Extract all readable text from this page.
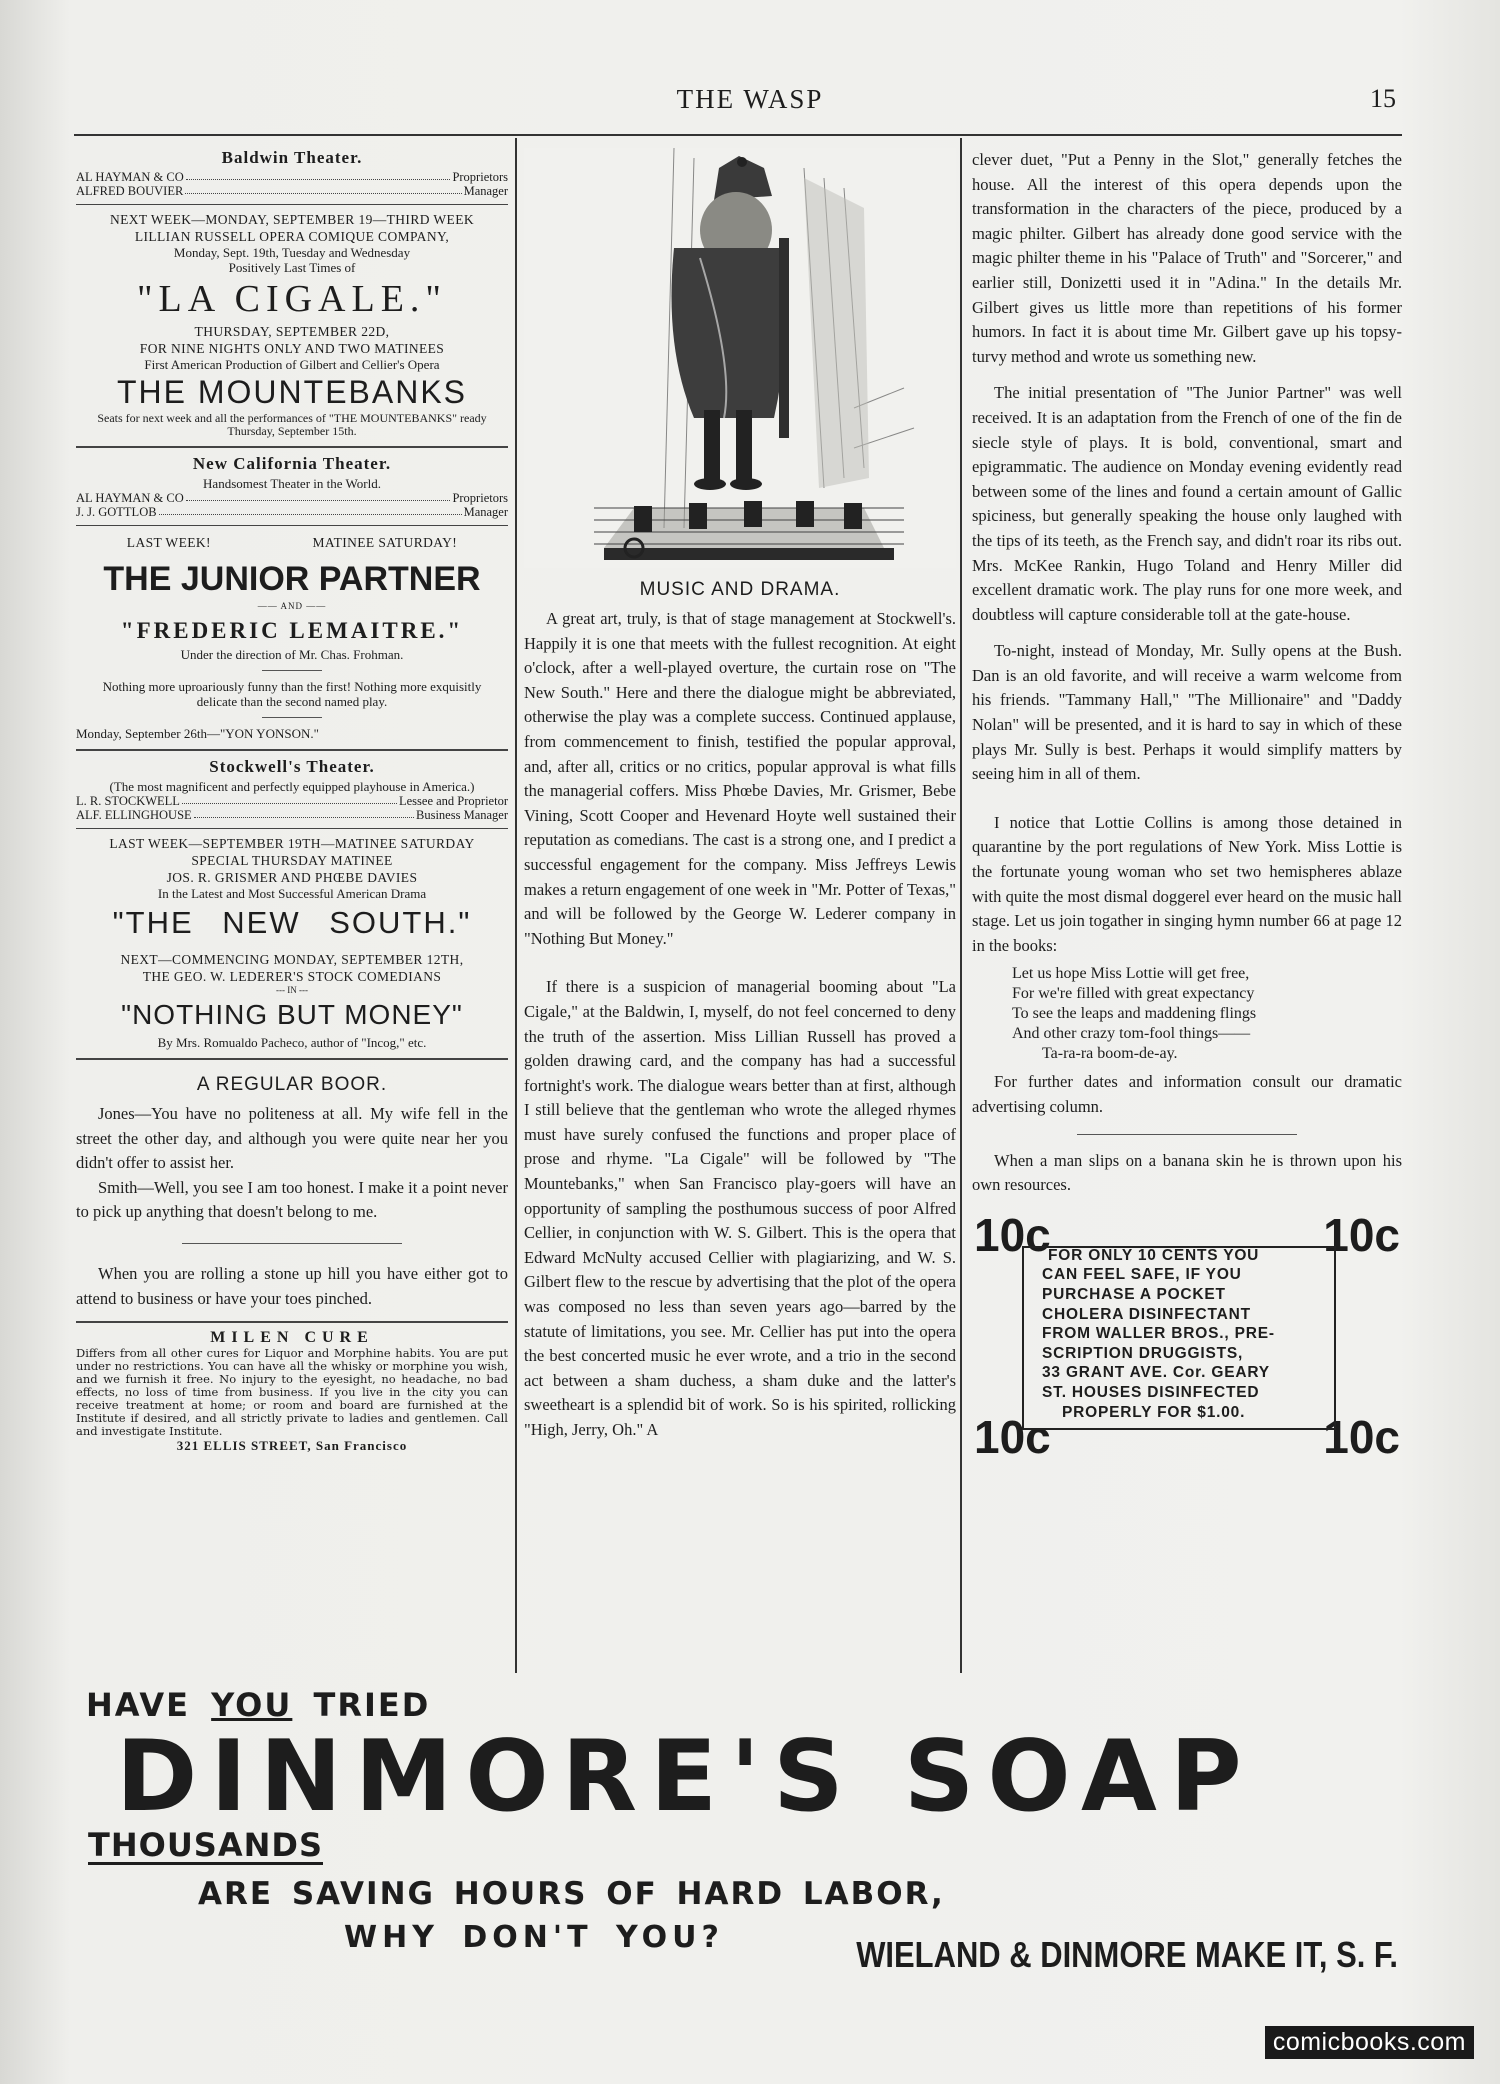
THE WASP	15
Baldwin Theater.
AL HAYMAN & CO	Proprietors
ALFRED BOUVIER	Manager
NEXT WEEK—MONDAY, SEPTEMBER 19—THIRD WEEK
LILLIAN RUSSELL OPERA COMIQUE COMPANY,
Monday, Sept. 19th, Tuesday and Wednesday
Positively Last Times of
"LA CIGALE."
THURSDAY, SEPTEMBER 22D,
FOR NINE NIGHTS ONLY AND TWO MATINEES
First American Production of Gilbert and Cellier's Opera
THE MOUNTEBANKS
Seats for next week and all the performances of "THE MOUNTEBANKS" ready Thursday, September 15th.
New California Theater.
Handsomest Theater in the World.
AL HAYMAN & CO	Proprietors
J. J. GOTTLOB	Manager
LAST WEEK!	MATINEE SATURDAY!
THE JUNIOR PARTNER
—— AND ——
"FREDERIC LEMAITRE."
Under the direction of Mr. Chas. Frohman.
Nothing more uproariously funny than the first! Nothing more exquisitly delicate than the second named play.
Monday, September 26th—"YON YONSON."
Stockwell's Theater.
(The most magnificent and perfectly equipped playhouse in America.)
L. R. STOCKWELL	Lessee and Proprietor
ALF. ELLINGHOUSE	Business Manager
LAST WEEK—SEPTEMBER 19TH—MATINEE SATURDAY
SPECIAL THURSDAY MATINEE
JOS. R. GRISMER AND PHŒBE DAVIES
In the Latest and Most Successful American Drama
"THE NEW SOUTH."
NEXT—COMMENCING MONDAY, SEPTEMBER 12TH,
THE GEO. W. LEDERER'S STOCK COMEDIANS
--- IN ---
"NOTHING BUT MONEY"
By Mrs. Romualdo Pacheco, author of "Incog," etc.
A REGULAR BOOR.

Jones—You have no politeness at all. My wife fell in the street the other day, and although you were quite near her you didn't offer to assist her.

Smith—Well, you see I am too honest. I make it a point never to pick up anything that doesn't belong to me.

When you are rolling a stone up hill you have either got to attend to business or have your toes pinched.

MILEN CURE
Differs from all other cures for Liquor and Morphine habits. You are put under no restrictions. You can have all the whisky or morphine you wish, and we furnish it free. No injury to the eyesight, no headache, no bad effects, no loss of time from business. If you live in the city you can receive treatment at home; or room and board are furnished at the Institute if desired, and all strictly private to ladies and gentlemen. Call and investigate Institute.
321 ELLIS STREET, San Francisco
MUSIC AND DRAMA.

A great art, truly, is that of stage management at Stockwell's. Happily it is one that meets with the fullest recognition. At eight o'clock, after a well-played overture, the curtain rose on "The New South." Here and there the dialogue might be abbreviated, otherwise the play was a complete success. Continued applause, from commencement to finish, testified the popular approval, and, after all, critics or no critics, popular approval is what fills the managerial coffers. Miss Phœbe Davies, Mr. Grismer, Bebe Vining, Scott Cooper and Hevenard Hoyte well sustained their reputation as comedians. The cast is a strong one, and I predict a successful engagement for the company. Miss Jeffreys Lewis makes a return engagement of one week in "Mr. Potter of Texas," and will be followed by the George W. Lederer company in "Nothing But Money."

If there is a suspicion of managerial booming about "La Cigale," at the Baldwin, I, myself, do not feel concerned to deny the truth of the assertion. Miss Lillian Russell has proved a golden drawing card, and the company has had a successful fortnight's work. The dialogue wears better than at first, although I still believe that the gentleman who wrote the alleged rhymes must have surely confused the functions and proper place of prose and rhyme. "La Cigale" will be followed by "The Mountebanks," when San Francisco play-goers will have an opportunity of sampling the posthumous success of poor Alfred Cellier, in conjunction with W. S. Gilbert. This is the opera that Edward McNulty accused Cellier with plagiarizing, and W. S. Gilbert flew to the rescue by advertising that the plot of the opera was composed no less than seven years ago—barred by the statute of limitations, you see. Mr. Cellier has put into the opera the best concerted music he ever wrote, and a trio in the second act between a sham duchess, a sham duke and the latter's sweetheart is a splendid bit of work. So is his spirited, rollicking "High, Jerry, Oh." A

clever duet, "Put a Penny in the Slot," generally fetches the house. All the interest of this opera depends upon the transformation in the characters of the piece, produced by a magic philter. Gilbert has already done good service with the magic philter theme in his "Palace of Truth" and "Sorcerer," and earlier still, Donizetti used it in "Adina." In the details Mr. Gilbert gives us little more than repetitions of his former humors. In fact it is about time Mr. Gilbert gave up his topsy-turvy method and wrote us something new.

The initial presentation of "The Junior Partner" was well received. It is an adaptation from the French of one of the fin de siecle style of plays. It is bold, conventional, smart and epigrammatic. The audience on Monday evening evidently read between some of the lines and found a certain amount of Gallic spiciness, but generally speaking the house only laughed with the tips of its teeth, as the French say, and didn't roar its ribs out. Mrs. McKee Rankin, Hugo Toland and Henry Miller did excellent dramatic work. The play runs for one more week, and doubtless will capture considerable toll at the gate-house.

To-night, instead of Monday, Mr. Sully opens at the Bush. Dan is an old favorite, and will receive a warm welcome from his friends. "Tammany Hall," "The Millionaire" and "Daddy Nolan" will be presented, and it is hard to say in which of these plays Mr. Sully is best. Perhaps it would simplify matters by seeing him in all of them.

I notice that Lottie Collins is among those detained in quarantine by the port regulations of New York. Miss Lottie is the fortunate young woman who set two hemispheres ablaze with quite the most dismal doggerel ever heard on the music hall stage. Let us join togather in singing hymn number 66 at page 12 in the books:

Let us hope Miss Lottie will get free,
For we're filled with great expectancy
To see the leaps and maddening flings
And other crazy tom-fool things——
Ta-ra-ra boom-de-ay.

For further dates and information consult our dramatic advertising column.

When a man slips on a banana skin he is thrown upon his own resources.

10c	10c
10c	10c
FOR ONLY 10 CENTS YOU
CAN FEEL SAFE, IF YOU
PURCHASE A POCKET
CHOLERA DISINFECTANT
FROM WALLER BROS., PRE-
SCRIPTION DRUGGISTS,
33 GRANT AVE. Cor. GEARY
ST. HOUSES DISINFECTED
PROPERLY FOR $1.00.
HAVE YOU TRIED
DINMORE'S SOAP
THOUSANDS
ARE SAVING HOURS OF HARD LABOR,
WHY DON'T YOU?	WIELAND & DINMORE MAKE IT, S. F.
comicbooks.com
